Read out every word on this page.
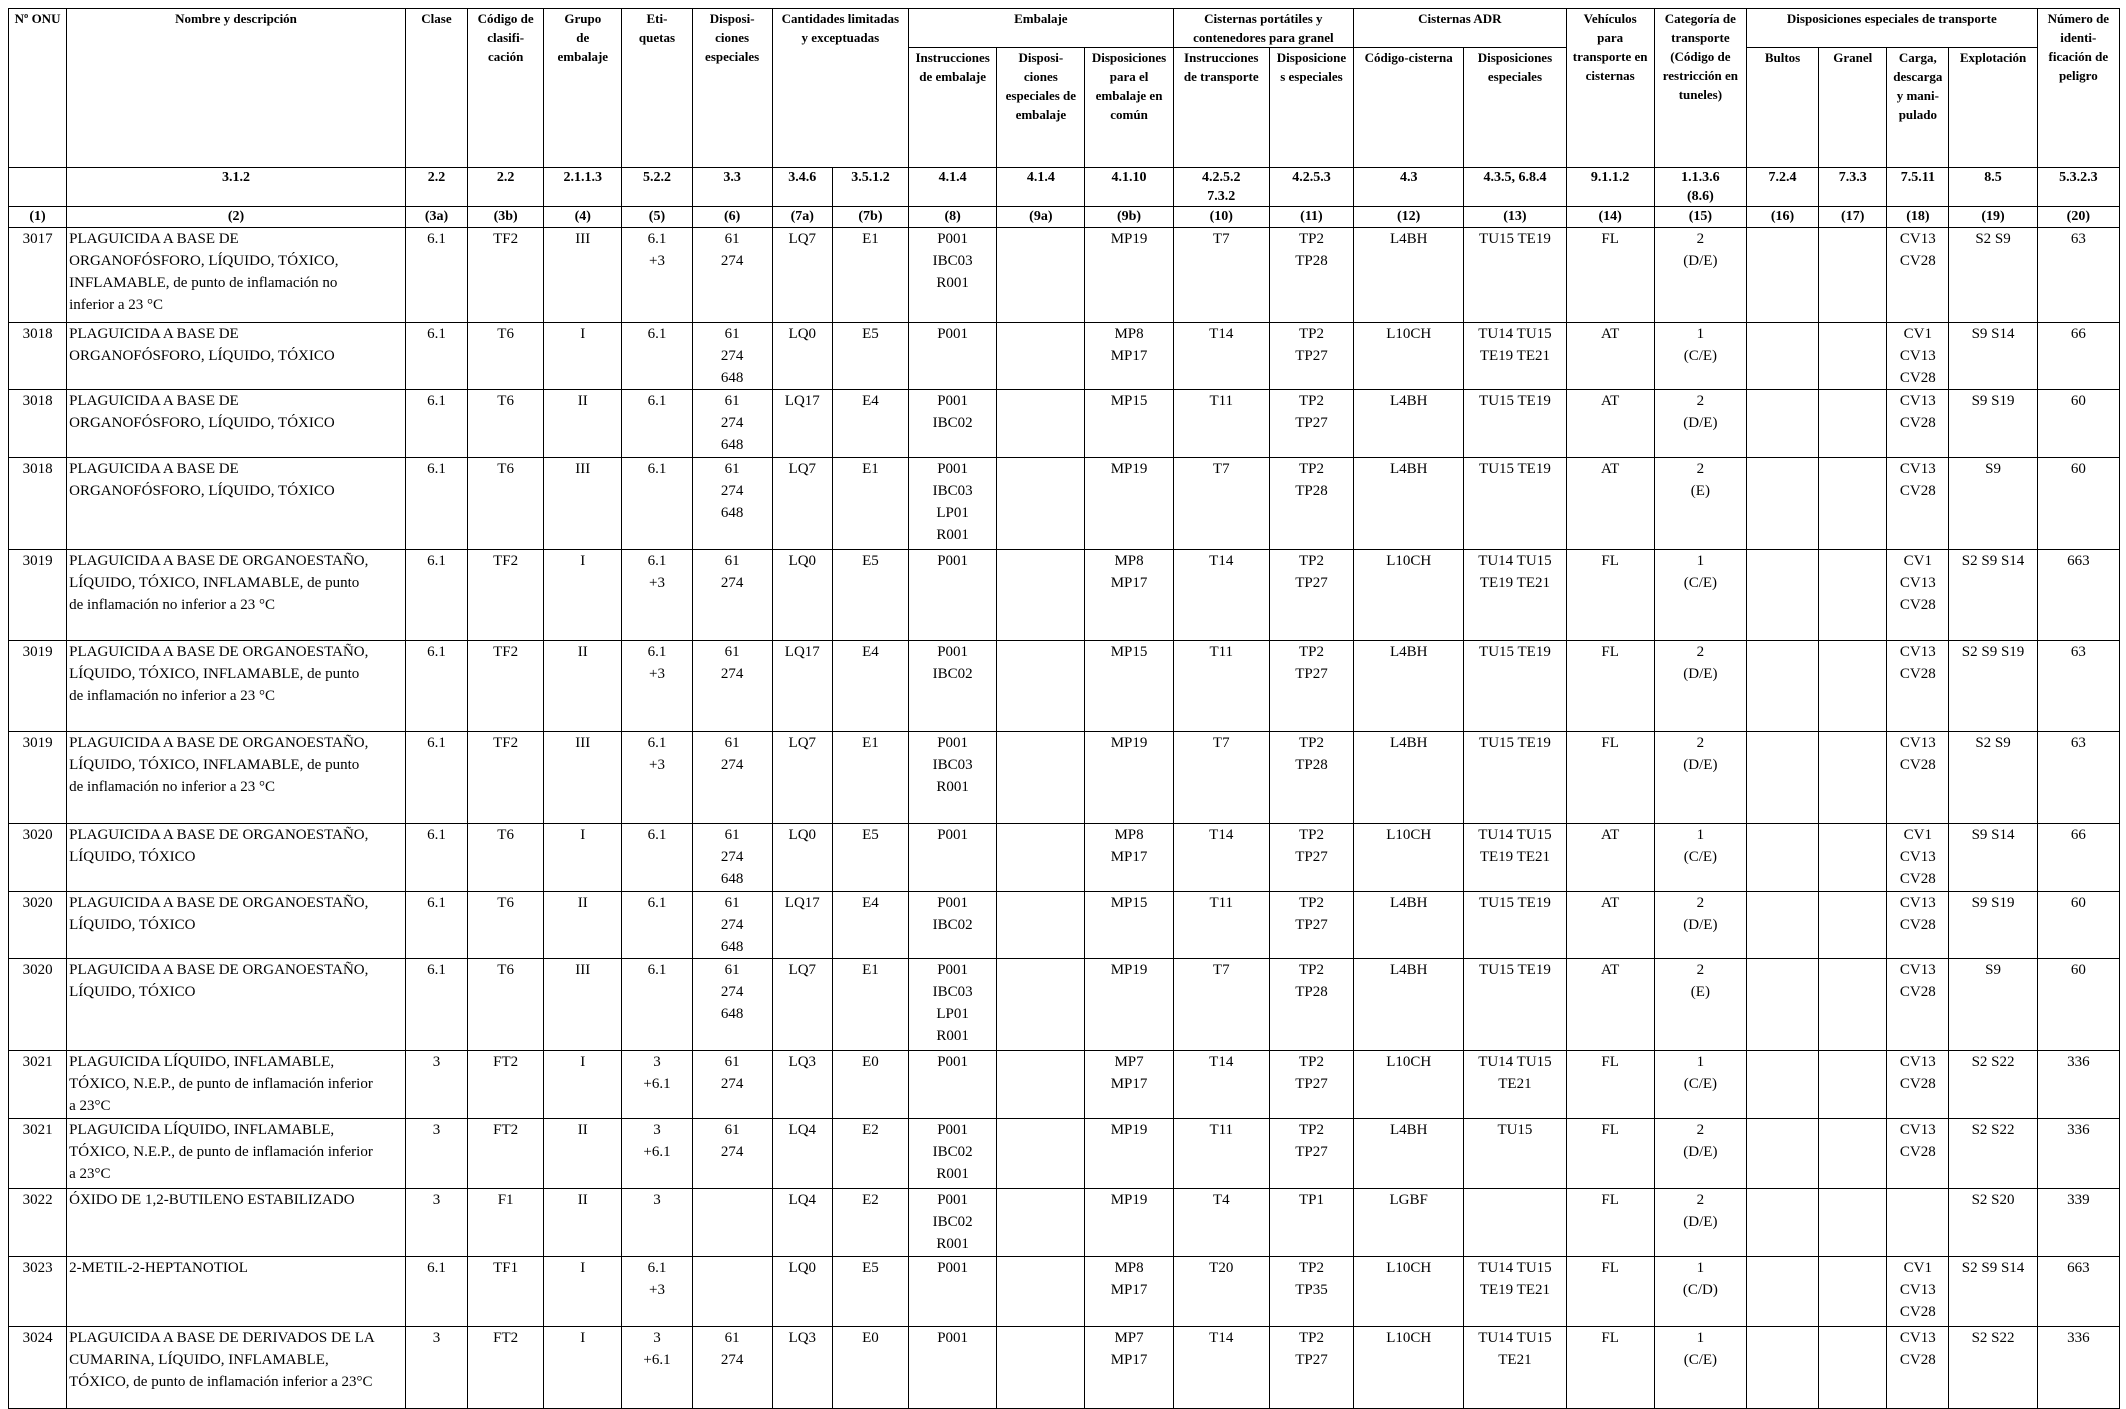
Nº ONU	Nombre y descripción	Clase	Código de
clasifi-
cación	Grupo
de
embalaje	Eti-
quetas	Disposi-
ciones
especiales	Cantidades limitadas
y exceptuadas		Embalaje			Cisternas portátiles y
contenedores para granel		Cisternas ADR		Vehículos
para
transporte en
cisternas	Categoría de
transporte
(Código de
restricción en
tuneles)	Disposiciones especiales de transporte				Número de
identi-
ficación de
peligro
									Instrucciones
de embalaje	Disposi-
ciones
especiales de
embalaje	Disposiciones
para el
embalaje en
común	Instrucciones
de transporte	Disposicione
s especiales	Código-cisterna	Disposiciones
especiales			Bultos	Granel	Carga,
descarga
y mani-
pulado	Explotación	
	3.1.2	2.2	2.2	2.1.1.3	5.2.2	3.3	3.4.6	3.5.1.2	4.1.4	4.1.4	4.1.10	4.2.5.2
7.3.2	4.2.5.3	4.3	4.3.5, 6.8.4	9.1.1.2	1.1.3.6
(8.6)	7.2.4	7.3.3	7.5.11	8.5	5.3.2.3
(1)	(2)	(3a)	(3b)	(4)	(5)	(6)	(7a)	(7b)	(8)	(9a)	(9b)	(10)	(11)	(12)	(13)	(14)	(15)	(16)	(17)	(18)	(19)	(20)
3017	PLAGUICIDA A BASE DE
ORGANOFÓSFORO, LÍQUIDO, TÓXICO,
INFLAMABLE, de punto de inflamación no
inferior a 23 °C	6.1	TF2	III	6.1
+3	61
274	LQ7	E1	P001
IBC03
R001		MP19	T7	TP2
TP28	L4BH	TU15 TE19	FL	2
(D/E)			CV13
CV28	S2 S9	63
3018	PLAGUICIDA A BASE DE
ORGANOFÓSFORO, LÍQUIDO, TÓXICO	6.1	T6	I	6.1	61
274
648	LQ0	E5	P001		MP8
MP17	T14	TP2
TP27	L10CH	TU14 TU15
TE19 TE21	AT	1
(C/E)			CV1
CV13
CV28	S9 S14	66
3018	PLAGUICIDA A BASE DE
ORGANOFÓSFORO, LÍQUIDO, TÓXICO	6.1	T6	II	6.1	61
274
648	LQ17	E4	P001
IBC02		MP15	T11	TP2
TP27	L4BH	TU15 TE19	AT	2
(D/E)			CV13
CV28	S9 S19	60
3018	PLAGUICIDA A BASE DE
ORGANOFÓSFORO, LÍQUIDO, TÓXICO	6.1	T6	III	6.1	61
274
648	LQ7	E1	P001
IBC03
LP01
R001		MP19	T7	TP2
TP28	L4BH	TU15 TE19	AT	2
(E)			CV13
CV28	S9	60
3019	PLAGUICIDA A BASE DE ORGANOESTAÑO,
LÍQUIDO, TÓXICO, INFLAMABLE, de punto
de inflamación no inferior a 23 °C	6.1	TF2	I	6.1
+3	61
274	LQ0	E5	P001		MP8
MP17	T14	TP2
TP27	L10CH	TU14 TU15
TE19 TE21	FL	1
(C/E)			CV1
CV13
CV28	S2 S9 S14	663
3019	PLAGUICIDA A BASE DE ORGANOESTAÑO,
LÍQUIDO, TÓXICO, INFLAMABLE, de punto
de inflamación no inferior a 23 °C	6.1	TF2	II	6.1
+3	61
274	LQ17	E4	P001
IBC02		MP15	T11	TP2
TP27	L4BH	TU15 TE19	FL	2
(D/E)			CV13
CV28	S2 S9 S19	63
3019	PLAGUICIDA A BASE DE ORGANOESTAÑO,
LÍQUIDO, TÓXICO, INFLAMABLE, de punto
de inflamación no inferior a 23 °C	6.1	TF2	III	6.1
+3	61
274	LQ7	E1	P001
IBC03
R001		MP19	T7	TP2
TP28	L4BH	TU15 TE19	FL	2
(D/E)			CV13
CV28	S2 S9	63
3020	PLAGUICIDA A BASE DE ORGANOESTAÑO,
LÍQUIDO, TÓXICO	6.1	T6	I	6.1	61
274
648	LQ0	E5	P001		MP8
MP17	T14	TP2
TP27	L10CH	TU14 TU15
TE19 TE21	AT	1
(C/E)			CV1
CV13
CV28	S9 S14	66
3020	PLAGUICIDA A BASE DE ORGANOESTAÑO,
LÍQUIDO, TÓXICO	6.1	T6	II	6.1	61
274
648	LQ17	E4	P001
IBC02		MP15	T11	TP2
TP27	L4BH	TU15 TE19	AT	2
(D/E)			CV13
CV28	S9 S19	60
3020	PLAGUICIDA A BASE DE ORGANOESTAÑO,
LÍQUIDO, TÓXICO	6.1	T6	III	6.1	61
274
648	LQ7	E1	P001
IBC03
LP01
R001		MP19	T7	TP2
TP28	L4BH	TU15 TE19	AT	2
(E)			CV13
CV28	S9	60
3021	PLAGUICIDA LÍQUIDO, INFLAMABLE,
TÓXICO, N.E.P., de punto de inflamación inferior
a 23°C	3	FT2	I	3
+6.1	61
274	LQ3	E0	P001		MP7
MP17	T14	TP2
TP27	L10CH	TU14 TU15
TE21	FL	1
(C/E)			CV13
CV28	S2 S22	336
3021	PLAGUICIDA LÍQUIDO, INFLAMABLE,
TÓXICO, N.E.P., de punto de inflamación inferior
a 23°C	3	FT2	II	3
+6.1	61
274	LQ4	E2	P001
IBC02
R001		MP19	T11	TP2
TP27	L4BH	TU15	FL	2
(D/E)			CV13
CV28	S2 S22	336
3022	ÓXIDO DE 1,2-BUTILENO ESTABILIZADO	3	F1	II	3		LQ4	E2	P001
IBC02
R001		MP19	T4	TP1	LGBF		FL	2
(D/E)				S2 S20	339
3023	2-METIL-2-HEPTANOTIOL	6.1	TF1	I	6.1
+3		LQ0	E5	P001		MP8
MP17	T20	TP2
TP35	L10CH	TU14 TU15
TE19 TE21	FL	1
(C/D)			CV1
CV13
CV28	S2 S9 S14	663
3024	PLAGUICIDA A BASE DE DERIVADOS DE LA
CUMARINA, LÍQUIDO, INFLAMABLE,
TÓXICO, de punto de inflamación inferior a 23°C	3	FT2	I	3
+6.1	61
274	LQ3	E0	P001		MP7
MP17	T14	TP2
TP27	L10CH	TU14 TU15
TE21	FL	1
(C/E)			CV13
CV28	S2 S22	336
